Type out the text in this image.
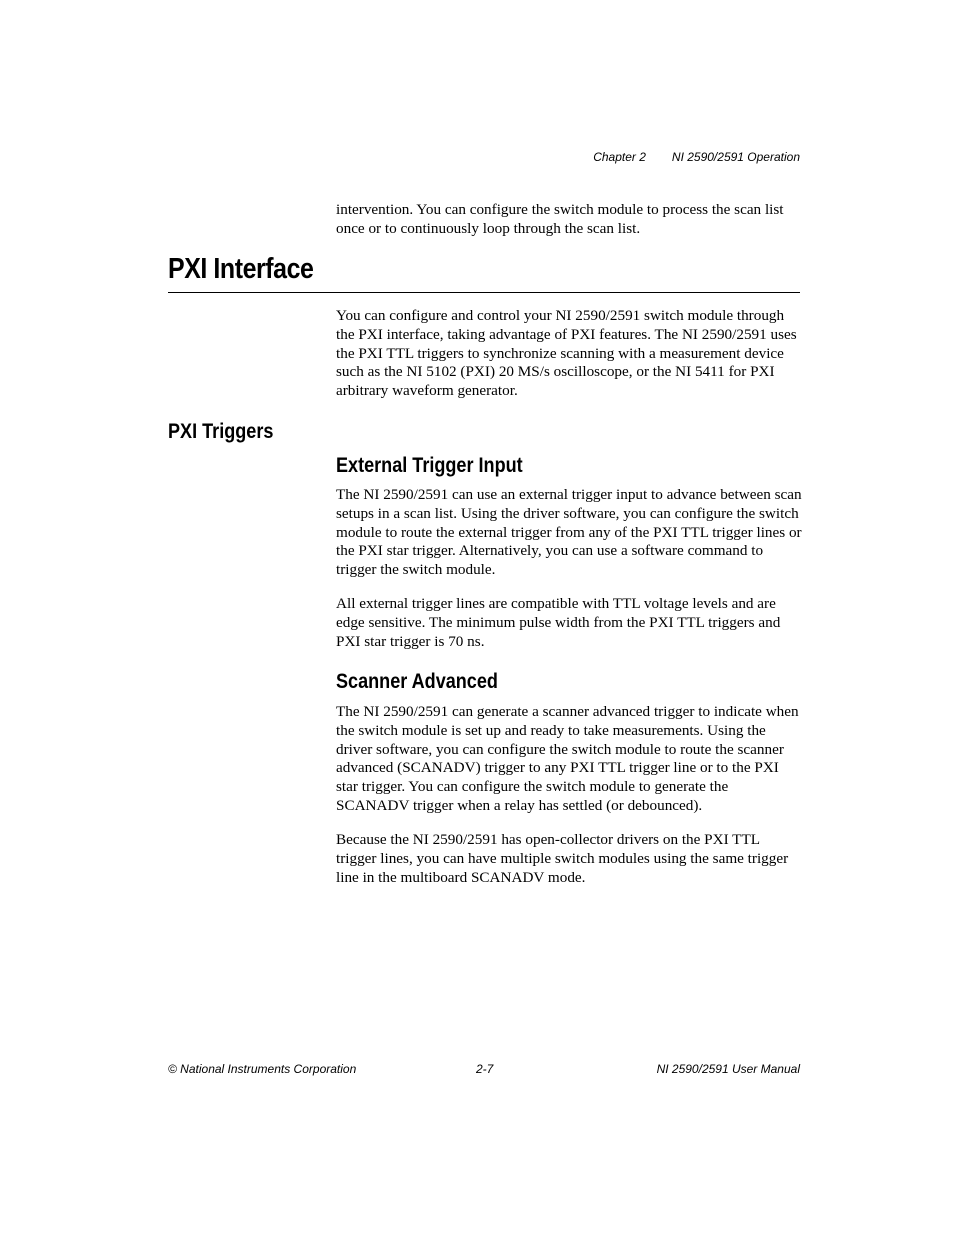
Chapter 2 NI 2590/2591 Operation

intervention. You can configure the switch module to process the scan list once or to continuously loop through the scan list.

PXI Interface

You can configure and control your NI 2590/2591 switch module through the PXI interface, taking advantage of PXI features. The NI 2590/2591 uses the PXI TTL triggers to synchronize scanning with a measurement device such as the NI 5102 (PXI) 20 MS/s oscilloscope, or the NI 5411 for PXI arbitrary waveform generator.

PXI Triggers
External Trigger Input

The NI 2590/2591 can use an external trigger input to advance between scan setups in a scan list. Using the driver software, you can configure the switch module to route the external trigger from any of the PXI TTL trigger lines or the PXI star trigger. Alternatively, you can use a software command to trigger the switch module.

All external trigger lines are compatible with TTL voltage levels and are edge sensitive. The minimum pulse width from the PXI TTL triggers and PXI star trigger is 70 ns.

Scanner Advanced

The NI 2590/2591 can generate a scanner advanced trigger to indicate when the switch module is set up and ready to take measurements. Using the driver software, you can configure the switch module to route the scanner advanced (SCANADV) trigger to any PXI TTL trigger line or to the PXI star trigger. You can configure the switch module to generate the SCANADV trigger when a relay has settled (or debounced).

Because the NI 2590/2591 has open-collector drivers on the PXI TTL trigger lines, you can have multiple switch modules using the same trigger line in the multiboard SCANADV mode.

© National Instruments Corporation	2-7	NI 2590/2591 User Manual
